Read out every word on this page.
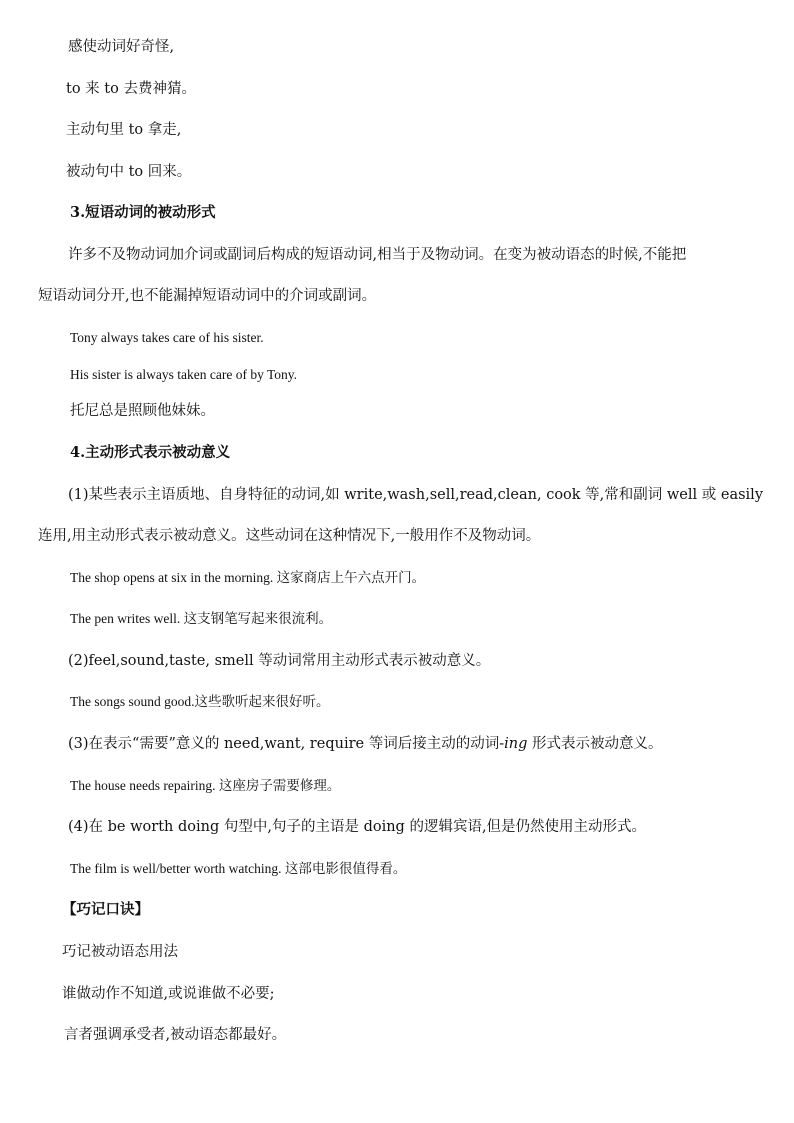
感使动词好奇怪,
to 来 to 去费神猜。
主动句里 to 拿走,
被动句中 to 回来。
3.短语动词的被动形式
许多不及物动词加介词或副词后构成的短语动词,相当于及物动词。在变为被动语态的时候,不能把
短语动词分开,也不能漏掉短语动词中的介词或副词。
Tony always takes care of his sister.
His sister is always taken care of by Tony.
托尼总是照顾他妹妹。
4.主动形式表示被动意义
(1)某些表示主语质地、自身特征的动词,如 write,wash,sell,read,clean, cook 等,常和副词 well 或 easily
连用,用主动形式表示被动意义。这些动词在这种情况下,一般用作不及物动词。
The shop opens at six in the morning. 这家商店上午六点开门。
The pen writes well. 这支钢笔写起来很流利。
(2)feel,sound,taste, smell 等动词常用主动形式表示被动意义。
The songs sound good.这些歌听起来很好听。
(3)在表示“需要”意义的 need,want, require 等词后接主动的动词-ing 形式表示被动意义。
The house needs repairing. 这座房子需要修理。
(4)在 be worth doing 句型中,句子的主语是 doing 的逻辑宾语,但是仍然使用主动形式。
The film is well/better worth watching. 这部电影很值得看。
【巧记口诀】
巧记被动语态用法
谁做动作不知道,或说谁做不必要;
言者强调承受者,被动语态都最好。
